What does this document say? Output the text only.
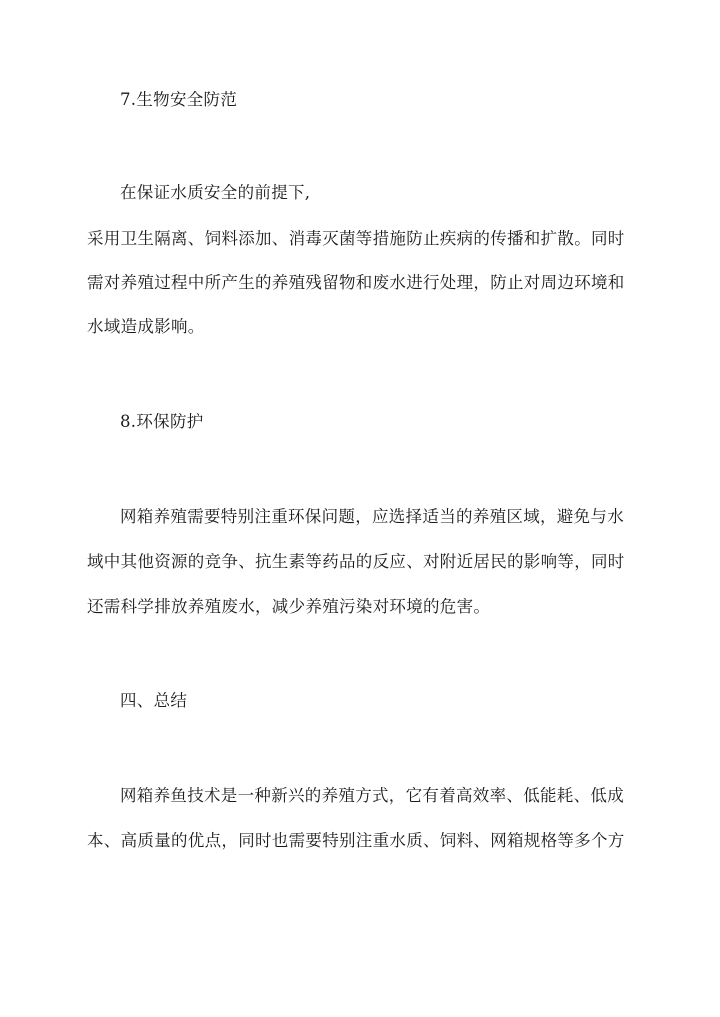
7.生物安全防范
在保证水质安全的前提下,
采用卫生隔离、饲料添加、消毒灭菌等措施防止疾病的传播和扩散。同时
需对养殖过程中所产生的养殖残留物和废水进行处理，防止对周边环境和
水域造成影响。
8.环保防护
网箱养殖需要特别注重环保问题，应选择适当的养殖区域，避免与水
域中其他资源的竞争、抗生素等药品的反应、对附近居民的影响等，同时
还需科学排放养殖废水，减少养殖污染对环境的危害。
四、总结
网箱养鱼技术是一种新兴的养殖方式，它有着高效率、低能耗、低成
本、高质量的优点，同时也需要特别注重水质、饲料、网箱规格等多个方
